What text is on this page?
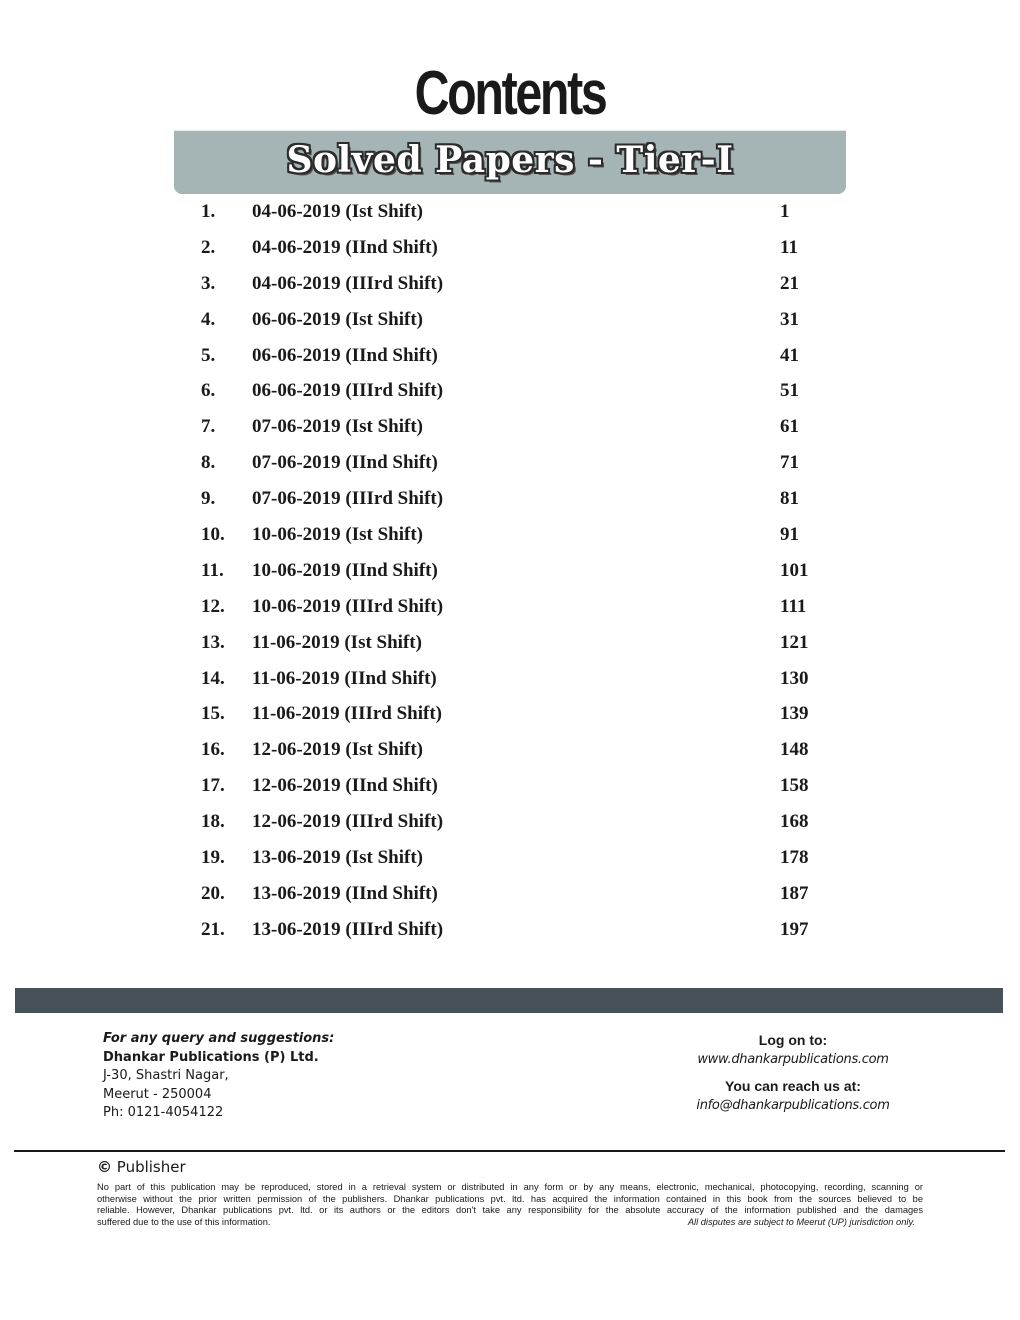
Contents
Solved Papers - Tier-I
1. 04-06-2019 (Ist Shift)	1
2. 04-06-2019 (IInd Shift)	11
3. 04-06-2019 (IIIrd Shift)	21
4. 06-06-2019 (Ist Shift)	31
5. 06-06-2019 (IInd Shift)	41
6. 06-06-2019 (IIIrd Shift)	51
7. 07-06-2019 (Ist Shift)	61
8. 07-06-2019 (IInd Shift)	71
9. 07-06-2019 (IIIrd Shift)	81
10. 10-06-2019 (Ist Shift)	91
11. 10-06-2019 (IInd Shift)	101
12. 10-06-2019 (IIIrd Shift)	111
13. 11-06-2019 (Ist Shift)	121
14. 11-06-2019 (IInd Shift)	130
15. 11-06-2019 (IIIrd Shift)	139
16. 12-06-2019 (Ist Shift)	148
17. 12-06-2019 (IInd Shift)	158
18. 12-06-2019 (IIIrd Shift)	168
19. 13-06-2019 (Ist Shift)	178
20. 13-06-2019 (IInd Shift)	187
21. 13-06-2019 (IIIrd Shift)	197
For any query and suggestions:
Dhankar Publications (P) Ltd.
J-30, Shastri Nagar,
Meerut - 250004
Ph: 0121-4054122
Log on to:
www.dhankarpublications.com
You can reach us at:
info@dhankarpublications.com
© Publisher
No part of this publication may be reproduced, stored in a retrieval system or distributed in any form or by any means, electronic, mechanical, photocopying, recording, scanning or
otherwise without the prior written permission of the publishers. Dhankar publications pvt. ltd. has acquired the information contained in this book from the sources believed to be
reliable. However, Dhankar publications pvt. ltd. or its authors or the editors don't take any responsibility for the absolute accuracy of the information published and the damages
suffered due to the use of this information.	All disputes are subject to Meerut (UP) jurisdiction only.
